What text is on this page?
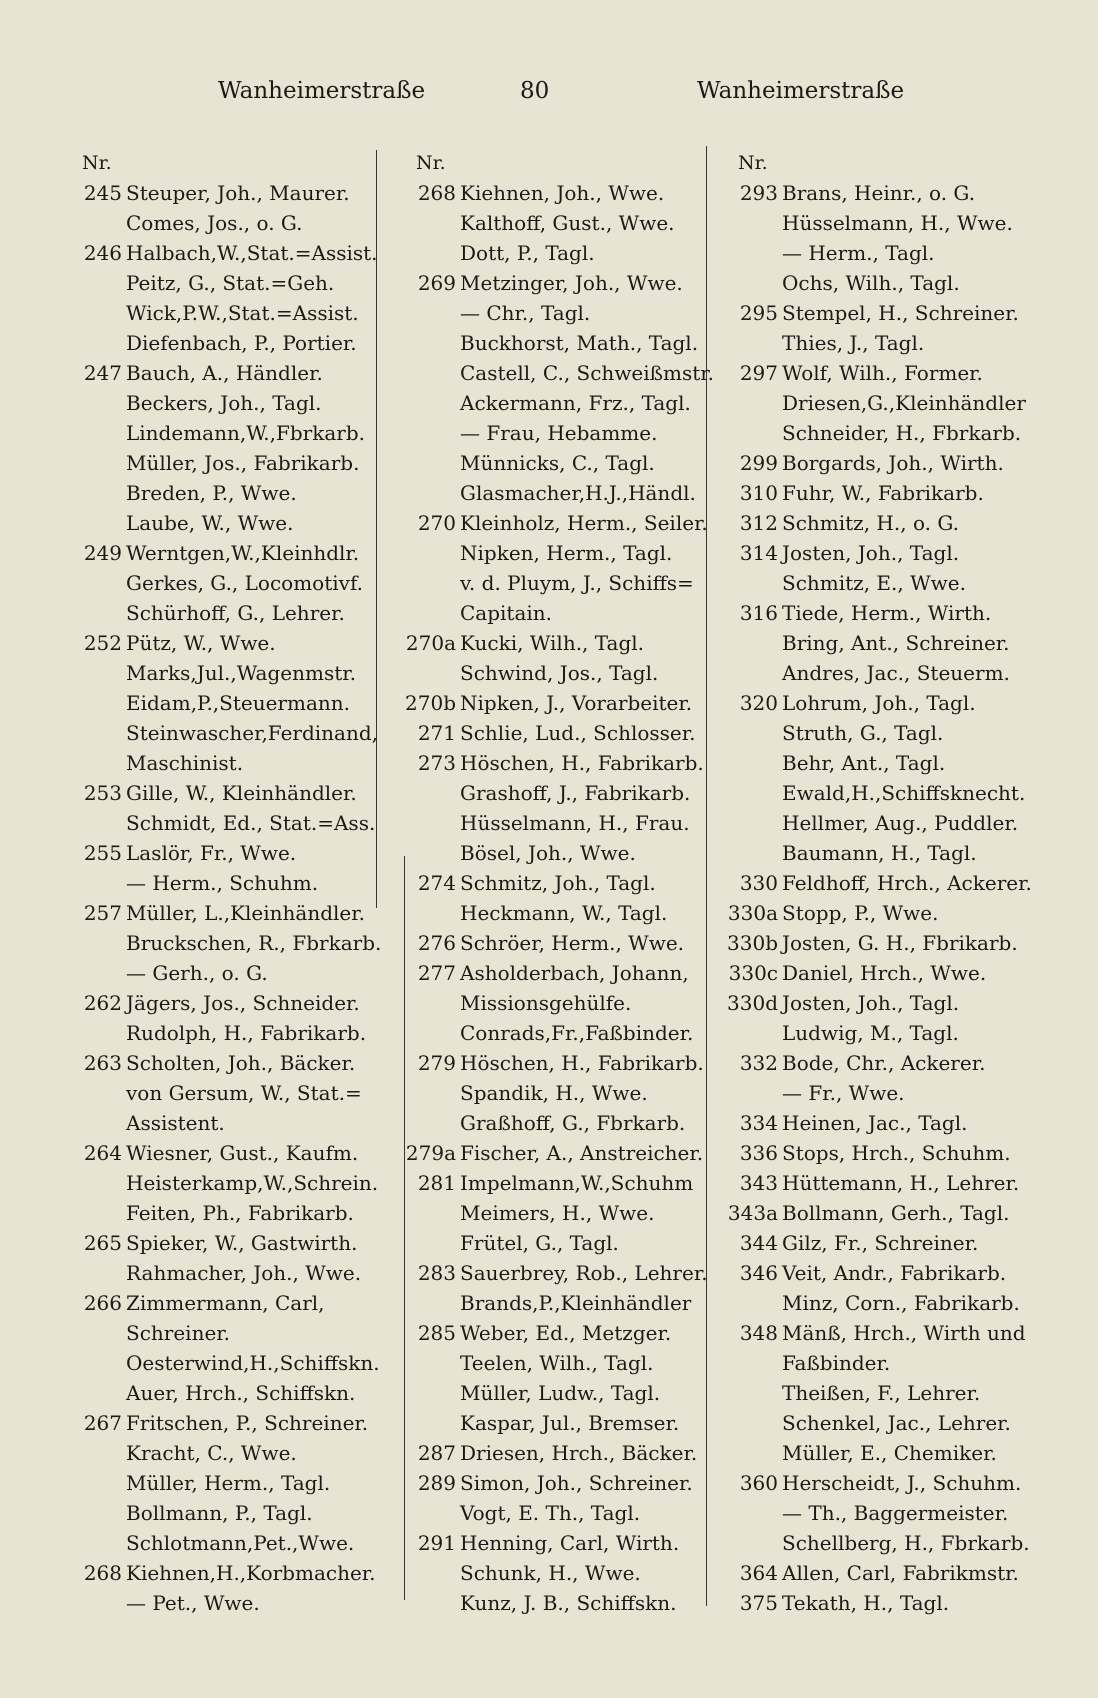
Wanheimerstraße	80	Wanheimerstraße
Nr.
245 Steuper, Joh., Maurer.
Comes, Jos., o. G.
246 Halbach,W.,Stat.=Assist.
Peitz, G., Stat.=Geh.
Wick,P.W.,Stat.=Assist.
Diefenbach, P., Portier.
247 Bauch, A., Händler.
Beckers, Joh., Tagl.
Lindemann,W.,Fbrkarb.
Müller, Jos., Fabrikarb.
Breden, P., Wwe.
Laube, W., Wwe.
249 Werntgen,W.,Kleinhdlr.
Gerkes, G., Locomotivf.
Schürhoff, G., Lehrer.
252 Pütz, W., Wwe.
Marks,Jul.,Wagenmstr.
Eidam,P.,Steuermann.
Steinwascher,Ferdinand,
Maschinist.
253 Gille, W., Kleinhändler.
Schmidt, Ed., Stat.=Ass.
255 Laslör, Fr., Wwe.
— Herm., Schuhm.
257 Müller, L.,Kleinhändler.
Bruckschen, R., Fbrkarb.
— Gerh., o. G.
262 Jägers, Jos., Schneider.
Rudolph, H., Fabrikarb.
263 Scholten, Joh., Bäcker.
von Gersum, W., Stat.=
Assistent.
264 Wiesner, Gust., Kaufm.
Heisterkamp,W.,Schrein.
Feiten, Ph., Fabrikarb.
265 Spieker, W., Gastwirth.
Rahmacher, Joh., Wwe.
266 Zimmermann, Carl,
Schreiner.
Oesterwind,H.,Schiffskn.
Auer, Hrch., Schiffskn.
267 Fritschen, P., Schreiner.
Kracht, C., Wwe.
Müller, Herm., Tagl.
Bollmann, P., Tagl.
Schlotmann,Pet.,Wwe.
268 Kiehnen,H.,Korbmacher.
— Pet., Wwe.
Nr.
268 Kiehnen, Joh., Wwe.
Kalthoff, Gust., Wwe.
Dott, P., Tagl.
269 Metzinger, Joh., Wwe.
— Chr., Tagl.
Buckhorst, Math., Tagl.
Castell, C., Schweißmstr.
Ackermann, Frz., Tagl.
— Frau, Hebamme.
Münnicks, C., Tagl.
Glasmacher,H.J.,Händl.
270 Kleinholz, Herm., Seiler.
Nipken, Herm., Tagl.
v. d. Pluym, J., Schiffs=
Capitain.
270a Kucki, Wilh., Tagl.
Schwind, Jos., Tagl.
270b Nipken, J., Vorarbeiter.
271 Schlie, Lud., Schlosser.
273 Höschen, H., Fabrikarb.
Grashoff, J., Fabrikarb.
Hüsselmann, H., Frau.
Bösel, Joh., Wwe.
274 Schmitz, Joh., Tagl.
Heckmann, W., Tagl.
276 Schröer, Herm., Wwe.
277 Asholderbach, Johann,
Missionsgehülfe.
Conrads,Fr.,Faßbinder.
279 Höschen, H., Fabrikarb.
Spandik, H., Wwe.
Graßhoff, G., Fbrkarb.
279a Fischer, A., Anstreicher.
281 Impelmann,W.,Schuhm
Meimers, H., Wwe.
Frütel, G., Tagl.
283 Sauerbrey, Rob., Lehrer.
Brands,P.,Kleinhändler
285 Weber, Ed., Metzger.
Teelen, Wilh., Tagl.
Müller, Ludw., Tagl.
Kaspar, Jul., Bremser.
287 Driesen, Hrch., Bäcker.
289 Simon, Joh., Schreiner.
Vogt, E. Th., Tagl.
291 Henning, Carl, Wirth.
Schunk, H., Wwe.
Kunz, J. B., Schiffskn.
Nr.
293 Brans, Heinr., o. G.
Hüsselmann, H., Wwe.
— Herm., Tagl.
Ochs, Wilh., Tagl.
295 Stempel, H., Schreiner.
Thies, J., Tagl.
297 Wolf, Wilh., Former.
Driesen,G.,Kleinhändler
Schneider, H., Fbrkarb.
299 Borgards, Joh., Wirth.
310 Fuhr, W., Fabrikarb.
312 Schmitz, H., o. G.
314 Josten, Joh., Tagl.
Schmitz, E., Wwe.
316 Tiede, Herm., Wirth.
Bring, Ant., Schreiner.
Andres, Jac., Steuerm.
320 Lohrum, Joh., Tagl.
Struth, G., Tagl.
Behr, Ant., Tagl.
Ewald,H.,Schiffsknecht.
Hellmer, Aug., Puddler.
Baumann, H., Tagl.
330 Feldhoff, Hrch., Ackerer.
330a Stopp, P., Wwe.
330b Josten, G. H., Fbrikarb.
330c Daniel, Hrch., Wwe.
330d Josten, Joh., Tagl.
Ludwig, M., Tagl.
332 Bode, Chr., Ackerer.
— Fr., Wwe.
334 Heinen, Jac., Tagl.
336 Stops, Hrch., Schuhm.
343 Hüttemann, H., Lehrer.
343a Bollmann, Gerh., Tagl.
344 Gilz, Fr., Schreiner.
346 Veit, Andr., Fabrikarb.
Minz, Corn., Fabrikarb.
348 Mänß, Hrch., Wirth und
Faßbinder.
Theißen, F., Lehrer.
Schenkel, Jac., Lehrer.
Müller, E., Chemiker.
360 Herscheidt, J., Schuhm.
— Th., Baggermeister.
Schellberg, H., Fbrkarb.
364 Allen, Carl, Fabrikmstr.
375 Tekath, H., Tagl.
